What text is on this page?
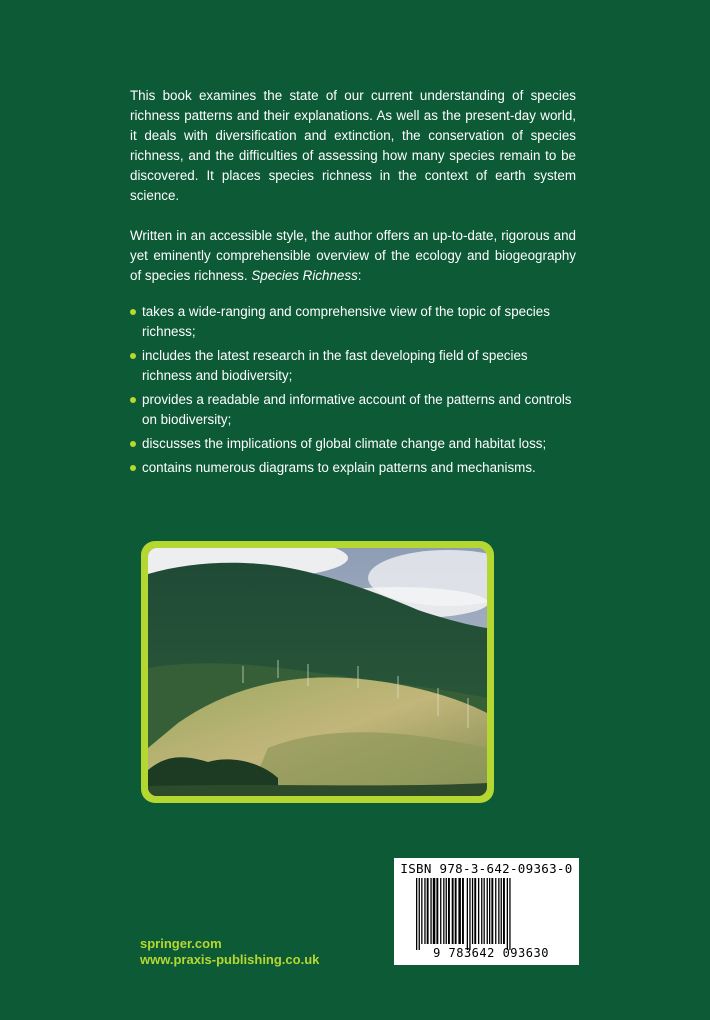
This book examines the state of our current understanding of species richness patterns and their explanations. As well as the present-day world, it deals with diversification and extinction, the conservation of species richness, and the difficulties of assessing how many species remain to be discovered. It places species richness in the context of earth system science.

Written in an accessible style, the author offers an up-to-date, rigorous and yet eminently comprehensible overview of the ecology and biogeography of species richness. Species Richness:

takes a wide-ranging and comprehensive view of the topic of species richness;
includes the latest research in the fast developing field of species richness and biodiversity;
provides a readable and informative account of the patterns and controls on biodiversity;
discusses the implications of global climate change and habitat loss;
contains numerous diagrams to explain patterns and mechanisms.
ISBN 978-3-642-09363-0
9 783642 093630
springer.com
www.praxis-publishing.co.uk
